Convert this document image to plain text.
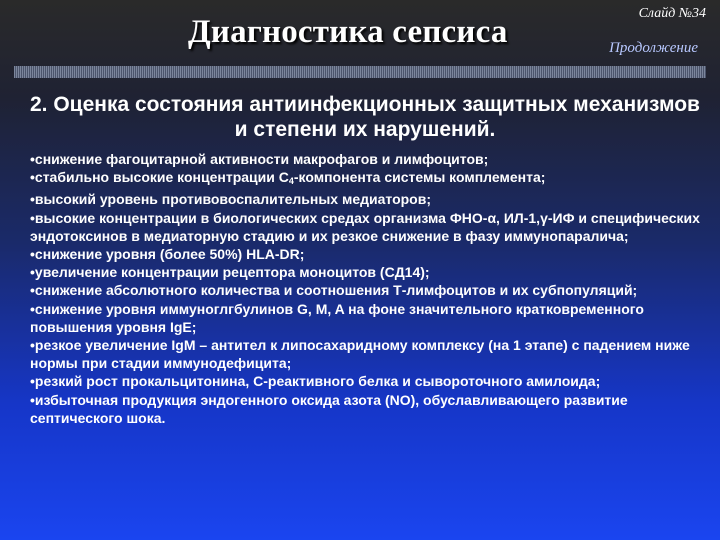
Диагностика сепсиса
Слайд №34
Продолжение
2. Оценка состояния антиинфекционных защитных механизмов
и степени их нарушений.

•снижение фагоцитарной активности макрофагов и лимфоцитов;

•стабильно высокие концентрации $C_4$-компонента системы комплемента;

•высокий уровень противовоспалительных медиаторов;

•высокие концентрации в биологических средах организма ФНО-α, ИЛ-1,γ-ИФ и специфических эндотоксинов в медиаторную стадию и их резкое снижение в фазу иммунопаралича;

•снижение уровня (более 50%) HLA-DR;

•увеличение концентрации рецептора моноцитов (CД14);

•снижение абсолютного количества и соотношения Т-лимфоцитов и их субпопуляций;

•снижение уровня иммуноглгбулинов G, M, A на фоне значительного кратковременного повышения уровня IgE;

•резкое увеличение IgM – антител к липосахаридному комплексу (на 1 этапе) с падением ниже нормы при стадии иммунодефицита;

•резкий рост прокальцитонина, С-реактивного белка и сывороточного амилоида;

•избыточная продукция эндогенного оксида азота (NO), обуславливающего развитие септического шока.
